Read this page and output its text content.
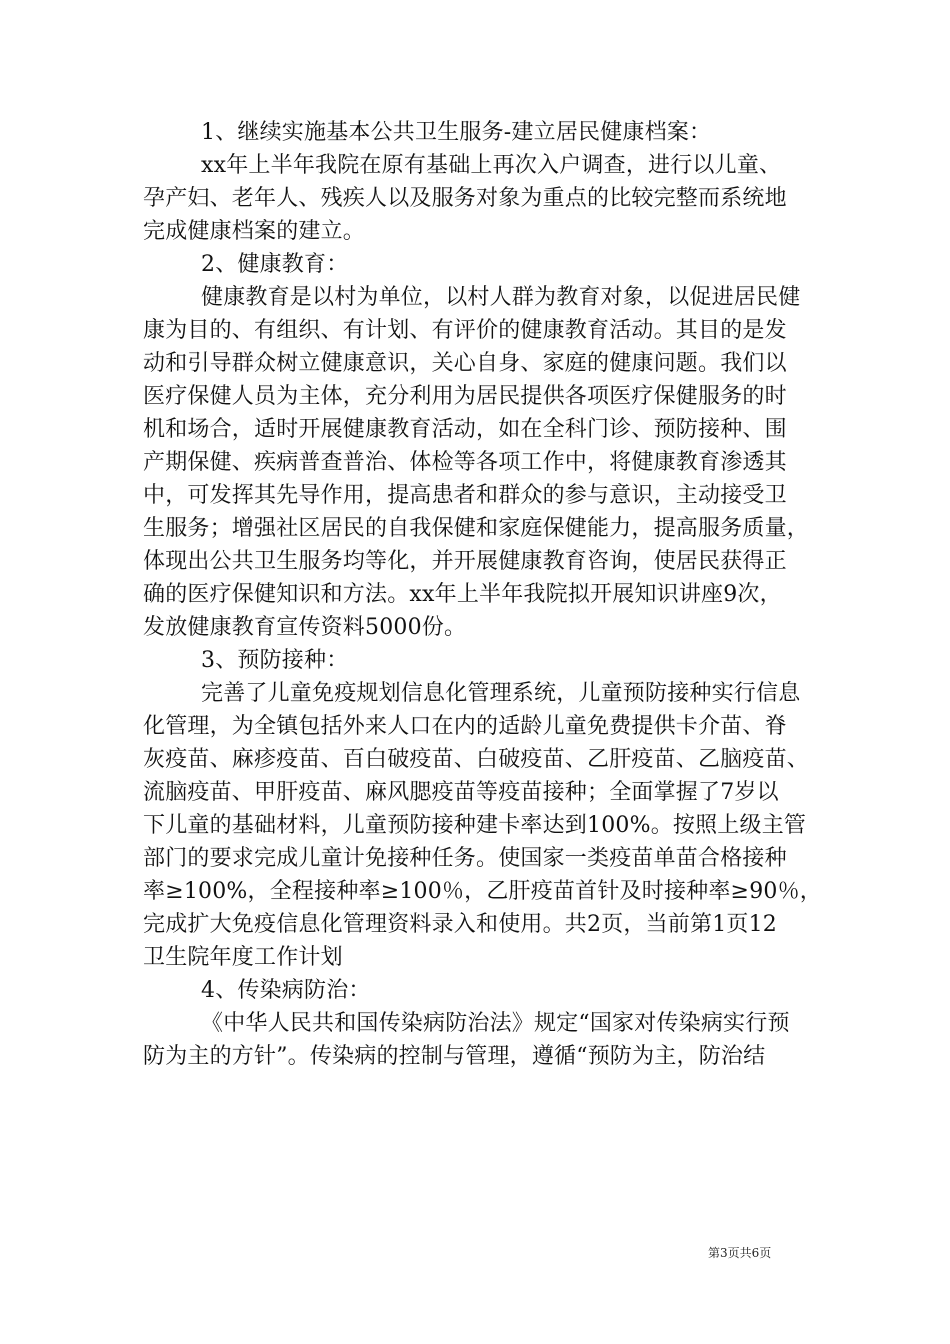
1、继续实施基本公共卫生服务-建立居民健康档案：
xx年上半年我院在原有基础上再次入户调查，进行以儿童、
孕产妇、老年人、残疾人以及服务对象为重点的比较完整而系统地
完成健康档案的建立。
2、健康教育：
健康教育是以村为单位，以村人群为教育对象，以促进居民健
康为目的、有组织、有计划、有评价的健康教育活动。其目的是发
动和引导群众树立健康意识，关心自身、家庭的健康问题。我们以
医疗保健人员为主体，充分利用为居民提供各项医疗保健服务的时
机和场合，适时开展健康教育活动，如在全科门诊、预防接种、围
产期保健、疾病普查普治、体检等各项工作中，将健康教育渗透其
中，可发挥其先导作用，提高患者和群众的参与意识，主动接受卫
生服务；增强社区居民的自我保健和家庭保健能力，提高服务质量，
体现出公共卫生服务均等化，并开展健康教育咨询，使居民获得正
确的医疗保健知识和方法。xx年上半年我院拟开展知识讲座9次，
发放健康教育宣传资料5000份。
3、预防接种：
完善了儿童免疫规划信息化管理系统，儿童预防接种实行信息
化管理，为全镇包括外来人口在内的适龄儿童免费提供卡介苗、脊
灰疫苗、麻疹疫苗、百白破疫苗、白破疫苗、乙肝疫苗、乙脑疫苗、
流脑疫苗、甲肝疫苗、麻风腮疫苗等疫苗接种；全面掌握了7岁以
下儿童的基础材料，儿童预防接种建卡率达到100%。按照上级主管
部门的要求完成儿童计免接种任务。使国家一类疫苗单苗合格接种
率≥100%，全程接种率≥100％，乙肝疫苗首针及时接种率≥90％，
完成扩大免疫信息化管理资料录入和使用。共2页，当前第1页12
卫生院年度工作计划
4、传染病防治：
《中华人民共和国传染病防治法》规定“国家对传染病实行预
防为主的方针”。传染病的控制与管理，遵循“预防为主，防治结
第3页共6页
